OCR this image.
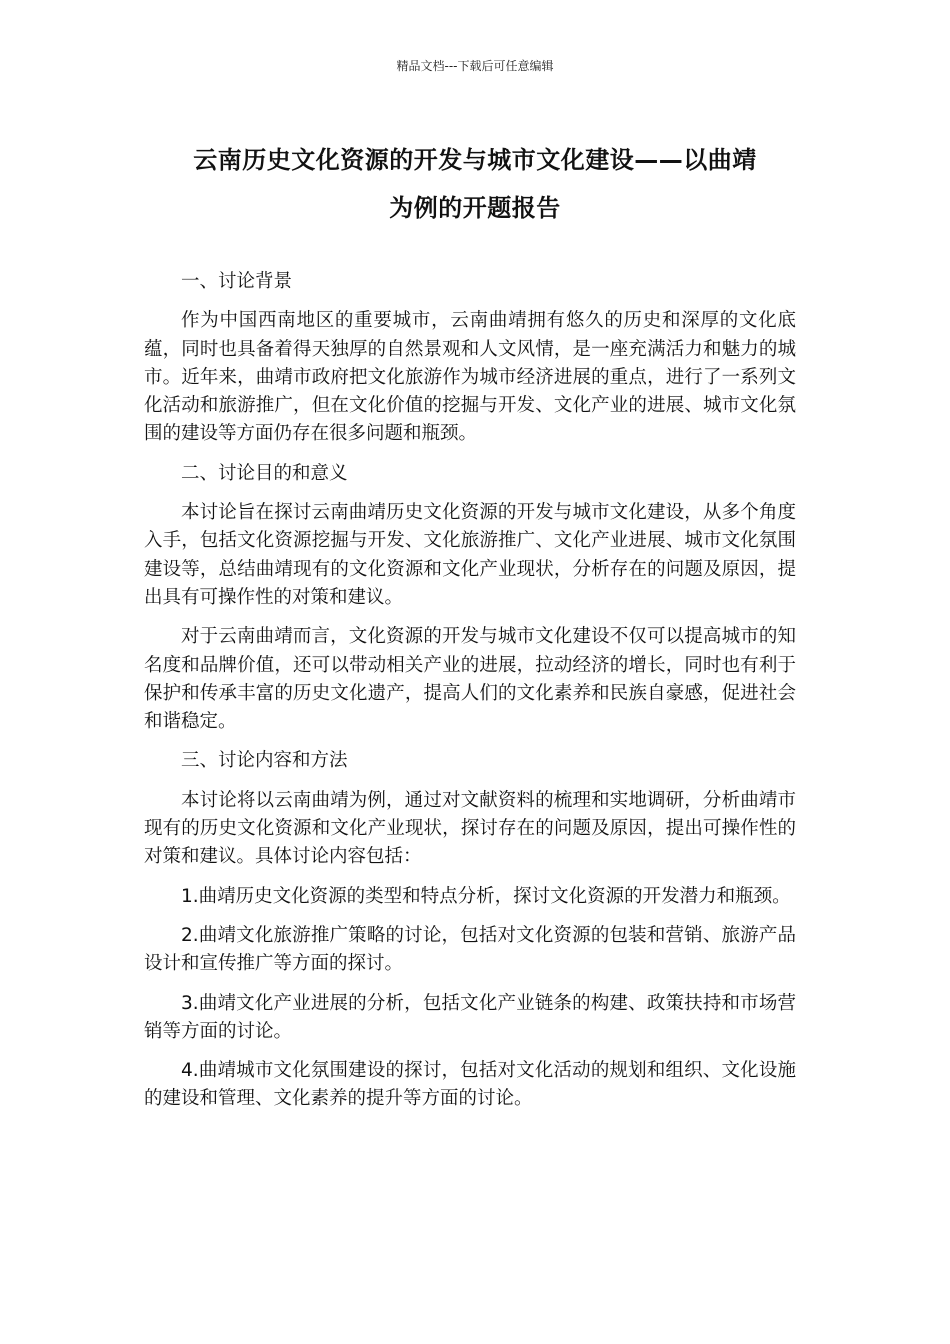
精品文档---下载后可任意编辑
云南历史文化资源的开发与城市文化建设——以曲靖
为例的开题报告

一、讨论背景

作为中国西南地区的重要城市，云南曲靖拥有悠久的历史和深厚的文化底蕴，同时也具备着得天独厚的自然景观和人文风情，是一座充满活力和魅力的城市。近年来，曲靖市政府把文化旅游作为城市经济进展的重点，进行了一系列文化活动和旅游推广，但在文化价值的挖掘与开发、文化产业的进展、城市文化氛围的建设等方面仍存在很多问题和瓶颈。

二、讨论目的和意义

本讨论旨在探讨云南曲靖历史文化资源的开发与城市文化建设，从多个角度入手，包括文化资源挖掘与开发、文化旅游推广、文化产业进展、城市文化氛围建设等，总结曲靖现有的文化资源和文化产业现状，分析存在的问题及原因，提出具有可操作性的对策和建议。

对于云南曲靖而言，文化资源的开发与城市文化建设不仅可以提高城市的知名度和品牌价值，还可以带动相关产业的进展，拉动经济的增长，同时也有利于保护和传承丰富的历史文化遗产，提高人们的文化素养和民族自豪感，促进社会和谐稳定。

三、讨论内容和方法

本讨论将以云南曲靖为例，通过对文献资料的梳理和实地调研，分析曲靖市现有的历史文化资源和文化产业现状，探讨存在的问题及原因，提出可操作性的对策和建议。具体讨论内容包括：

1.曲靖历史文化资源的类型和特点分析，探讨文化资源的开发潜力和瓶颈。

2.曲靖文化旅游推广策略的讨论，包括对文化资源的包装和营销、旅游产品设计和宣传推广等方面的探讨。

3.曲靖文化产业进展的分析，包括文化产业链条的构建、政策扶持和市场营销等方面的讨论。

4.曲靖城市文化氛围建设的探讨，包括对文化活动的规划和组织、文化设施的建设和管理、文化素养的提升等方面的讨论。
